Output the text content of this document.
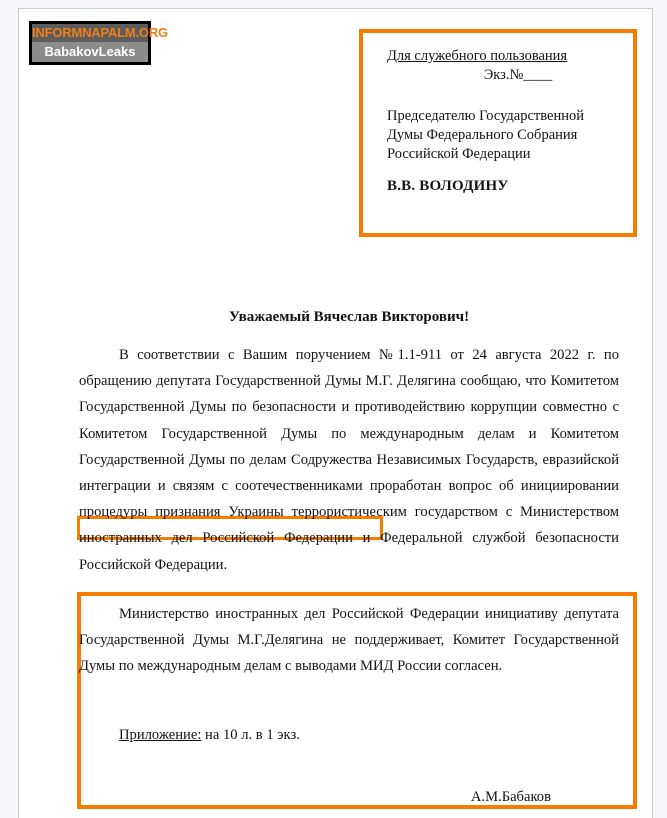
INFORMNAPALM.ORG
BabakovLeaks	Для служебного пользования
Экз.№____
Председателю Государственной
Думы Федерального Собрания
Российской Федерации
В.В. ВОЛОДИНУ
Уважаемый Вячеслав Викторович!
В соответствии с Вашим поручением №1.1-911 от 24 августа 2022 г. по обращению депутата Государственной Думы М.Г. Делягина сообщаю, что Комитетом Государственной Думы по безопасности и противодействию коррупции совместно с Комитетом Государственной Думы по международным делам и Комитетом Государственной Думы по делам Содружества Независимых Государств, евразийской интеграции и связям с соотечественниками проработан вопрос об инициировании процедуры признания Украины террористическим государством с Министерством иностранных дел Российской Федерации и Федеральной службой безопасности Российской Федерации.
Министерство иностранных дел Российской Федерации инициативу депутата Государственной Думы М.Г.Делягина не поддерживает, Комитет Государственной Думы по международным делам с выводами МИД России согласен.
Приложение: на 10 л. в 1 экз.
А.М.Бабаков
